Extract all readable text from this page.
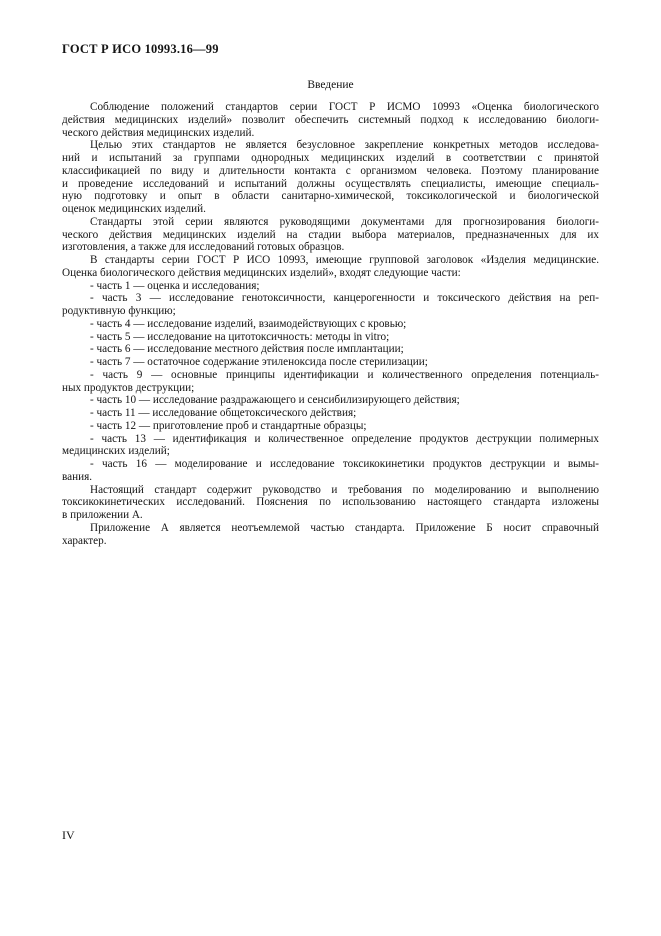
ГОСТ Р ИСО 10993.16—99
Введение

Соблюдение положений стандартов серии ГОСТ Р ИСМО 10993 «Оценка биологического

действия медицинских изделий» позволит обеспечить системный подход к исследованию биологи-

ческого действия медицинских изделий.

Целью этих стандартов не является безусловное закрепление конкретных методов исследова-

ний и испытаний за группами однородных медицинских изделий в соответствии с принятой

классификацией по виду и длительности контакта с организмом человека. Поэтому планирование

и проведение исследований и испытаний должны осуществлять специалисты, имеющие специаль-

ную подготовку и опыт в области санитарно-химической, токсикологической и биологической

оценок медицинских изделий.

Стандарты этой серии являются руководящими документами для прогнозирования биологи-

ческого действия медицинских изделий на стадии выбора материалов, предназначенных для их

изготовления, а также для исследований готовых образцов.

В стандарты серии ГОСТ Р ИСО 10993, имеющие групповой заголовок «Изделия медицинские.

Оценка биологического действия медицинских изделий», входят следующие части:

- часть 1 — оценка и исследования;

- часть 3 — исследование генотоксичности, канцерогенности и токсического действия на реп-

родуктивную функцию;

- часть 4 — исследование изделий, взаимодействующих с кровью;

- часть 5 — исследование на цитотоксичность: методы in vitro;

- часть 6 — исследование местного действия после имплантации;

- часть 7 — остаточное содержание этиленоксида после стерилизации;

- часть 9 — основные принципы идентификации и количественного определения потенциаль-

ных продуктов деструкции;

- часть 10 — исследование раздражающего и сенсибилизирующего действия;

- часть 11 — исследование общетоксического действия;

- часть 12 — приготовление проб и стандартные образцы;

- часть 13 — идентификация и количественное определение продуктов деструкции полимерных

медицинских изделий;

- часть 16 — моделирование и исследование токсикокинетики продуктов деструкции и вымы-

вания.

Настоящий стандарт содержит руководство и требования по моделированию и выполнению

токсикокинетических исследований. Пояснения по использованию настоящего стандарта изложены

в приложении А.

Приложение А является неотъемлемой частью стандарта. Приложение Б носит справочный

характер.

IV
